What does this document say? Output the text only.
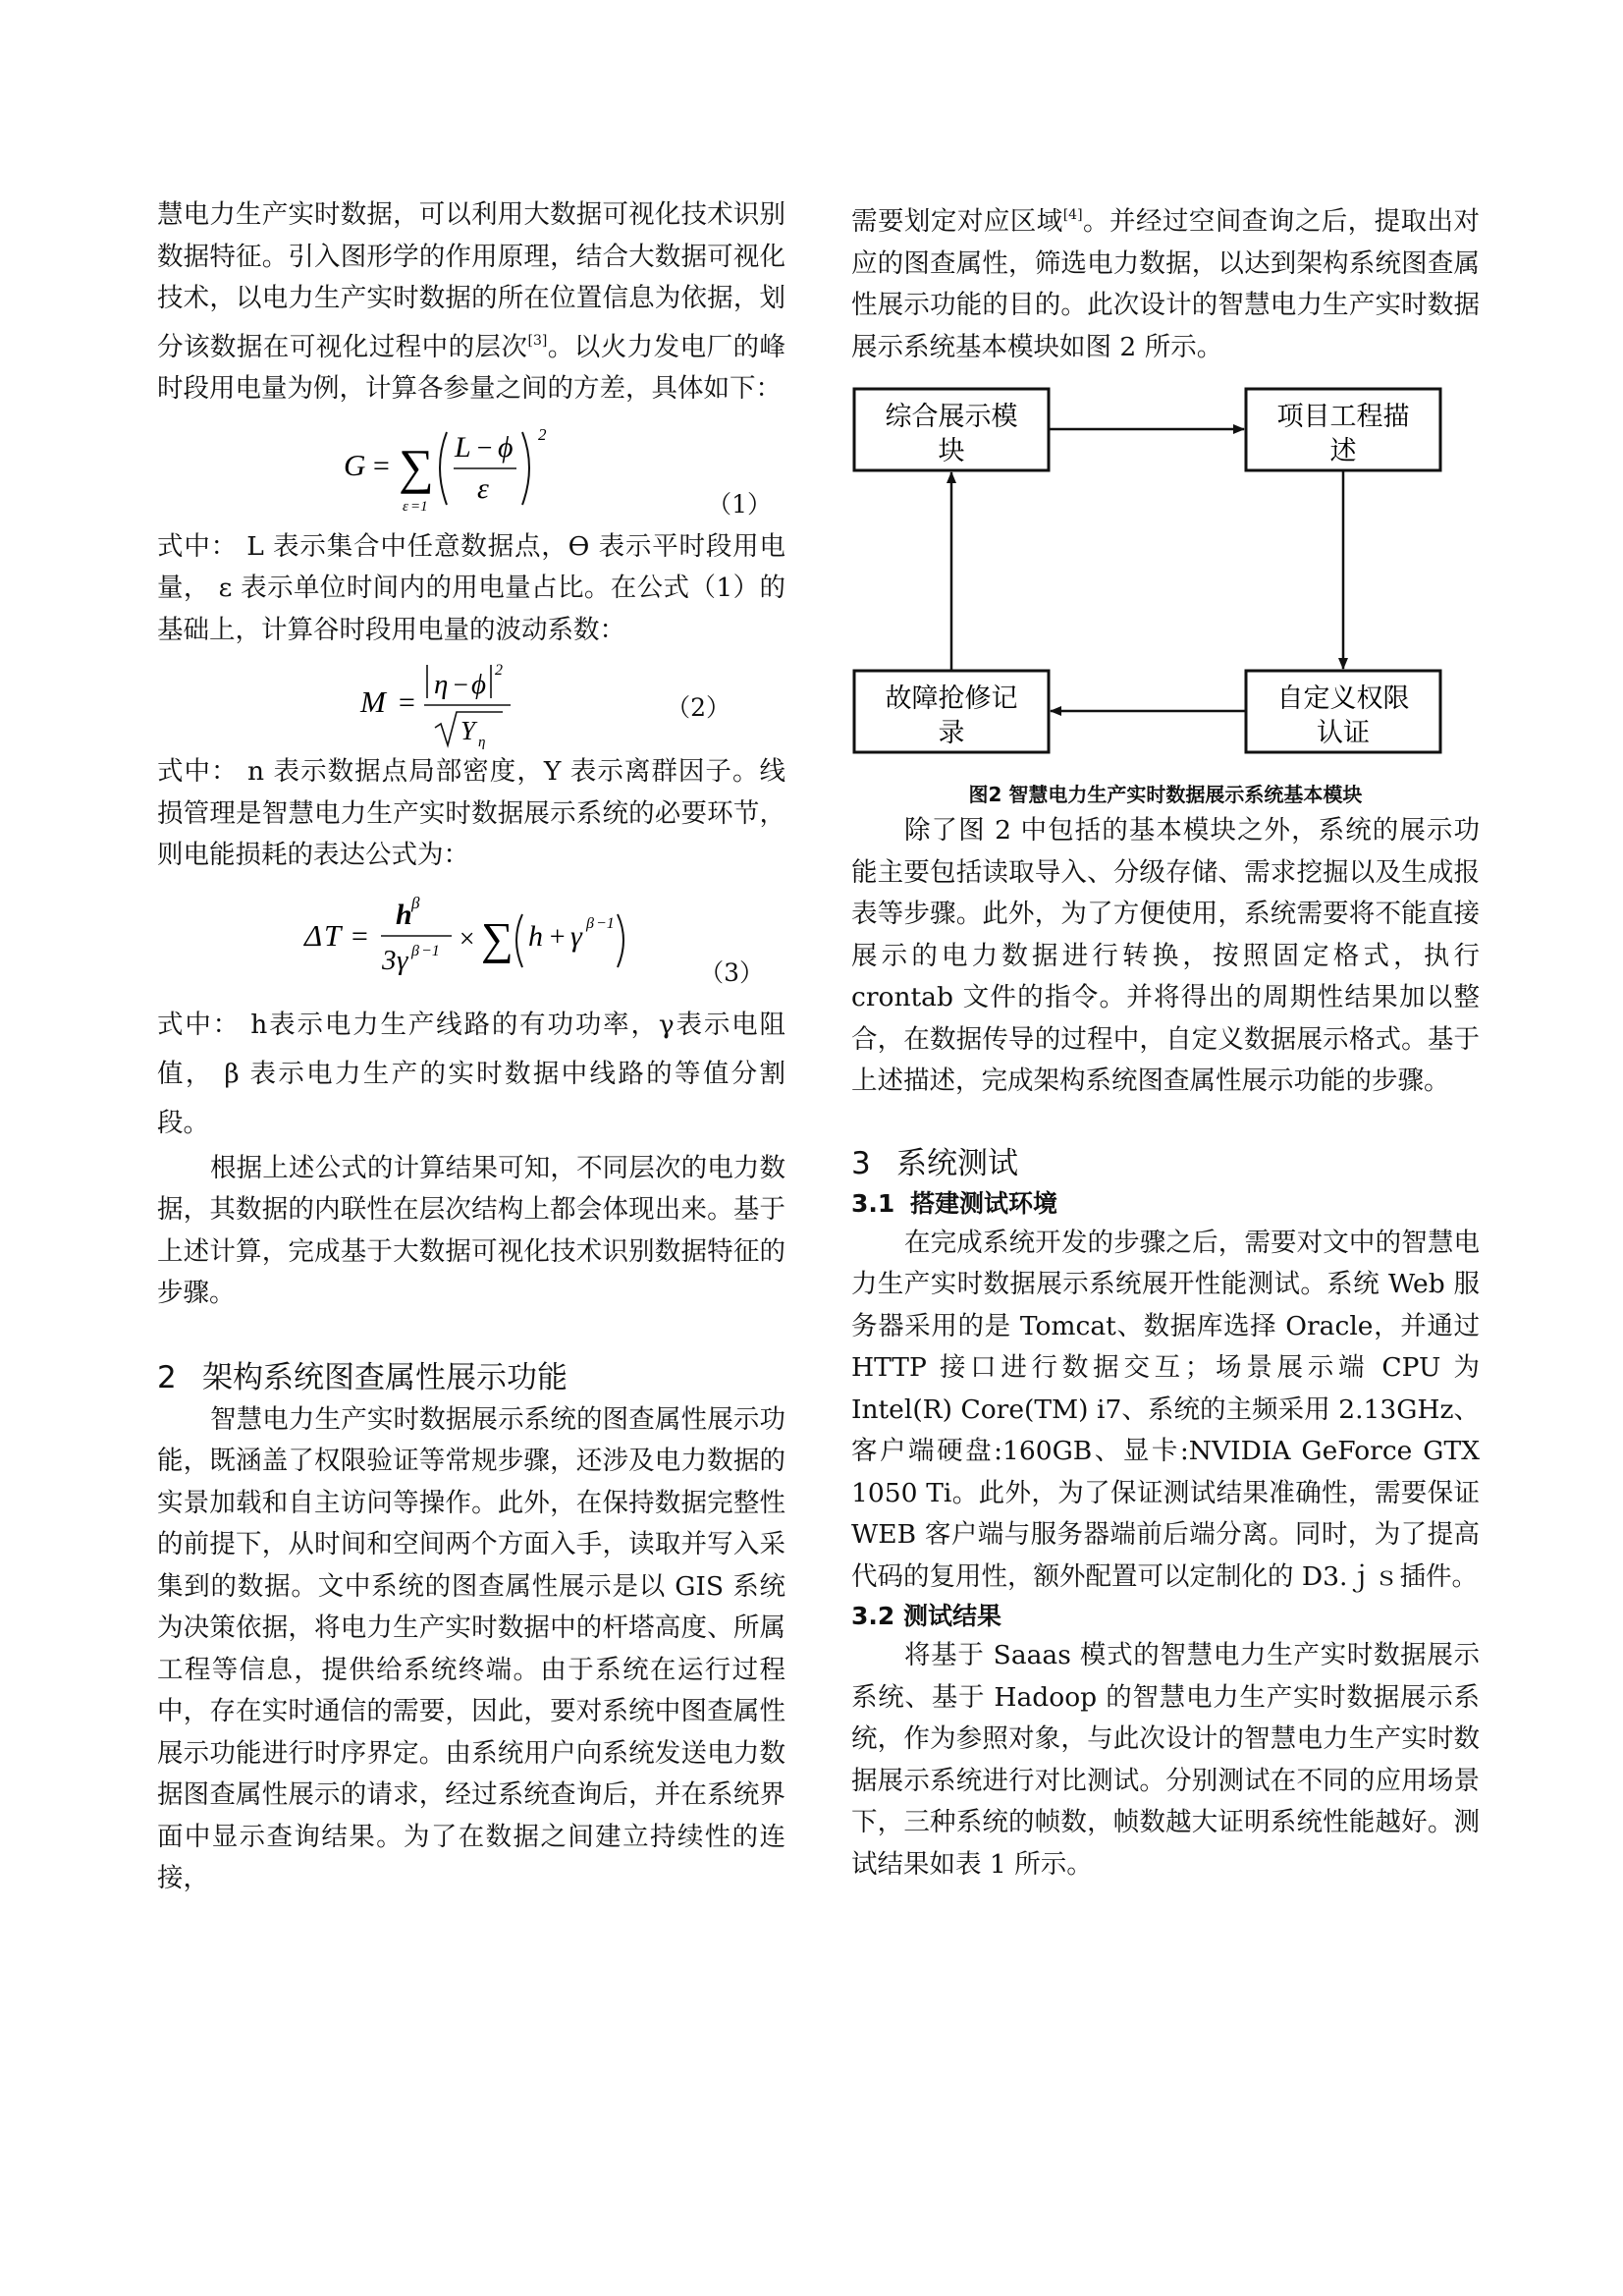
慧电力生产实时数据，可以利用大数据可视化技术识别数据特征。引入图形学的作用原理，结合大数据可视化技术，以电力生产实时数据的所在位置信息为依据，划分该数据在可视化过程中的层次[3]。以火力发电厂的峰时段用电量为例，计算各参量之间的方差，具体如下：

G = ∑
ε =1
L − ϕ
ε
2
（1）

式中： L 表示集合中任意数据点，ϴ 表示平时段用电量， ε 表示单位时间内的用电量占比。在公式（1）的基础上，计算谷时段用电量的波动系数：

M =
η − ϕ 2
Y η
（2）

式中： n 表示数据点局部密度，Y 表示离群因子。线损管理是智慧电力生产实时数据展示系统的必要环节，则电能损耗的表达公式为：

Δ T =
h β
3 γ β −1 × ∑ h + γ β −1
（3）

式中： h表示电力生产线路的有功功率，γ表示电阻值， β 表示电力生产的实时数据中线路的等值分割段。

根据上述公式的计算结果可知，不同层次的电力数据，其数据的内联性在层次结构上都会体现出来。基于上述计算，完成基于大数据可视化技术识别数据特征的步骤。

2 架构系统图查属性展示功能

智慧电力生产实时数据展示系统的图查属性展示功能，既涵盖了权限验证等常规步骤，还涉及电力数据的实景加载和自主访问等操作。此外，在保持数据完整性的前提下，从时间和空间两个方面入手，读取并写入采集到的数据。文中系统的图查属性展示是以 GIS 系统为决策依据，将电力生产实时数据中的杆塔高度、所属工程等信息，提供给系统终端。由于系统在运行过程中，存在实时通信的需要，因此，要对系统中图查属性展示功能进行时序界定。由系统用户向系统发送电力数据图查属性展示的请求，经过系统查询后，并在系统界面中显示查询结果。为了在数据之间建立持续性的连接，

需要划定对应区域[4]。并经过空间查询之后，提取出对应的图查属性，筛选电力数据，以达到架构系统图查属性展示功能的目的。此次设计的智慧电力生产实时数据展示系统基本模块如图 2 所示。

综合展示模
块
项目工程描
述
自定义权限
认证
故障抢修记
录

图2 智慧电力生产实时数据展示系统基本模块

除了图 2 中包括的基本模块之外，系统的展示功能主要包括读取导入、分级存储、需求挖掘以及生成报表等步骤。此外，为了方便使用，系统需要将不能直接展示的电力数据进行转换，按照固定格式，执行 crontab 文件的指令。并将得出的周期性结果加以整合，在数据传导的过程中，自定义数据展示格式。基于上述描述，完成架构系统图查属性展示功能的步骤。

3 系统测试

3.1 搭建测试环境

在完成系统开发的步骤之后，需要对文中的智慧电力生产实时数据展示系统展开性能测试。系统 Web 服务器采用的是 Tomcat、数据库选择 Oracle，并通过 HTTP 接口进行数据交互；场景展示端 CPU 为 Intel(R) Core(TM) i7、系统的主频采用 2.13GHz、客户端硬盘:160GB、显卡:NVIDIA GeForce GTX 1050 Ti。此外，为了保证测试结果准确性，需要保证 WEB 客户端与服务器端前后端分离。同时，为了提高代码的复用性，额外配置可以定制化的 D3.ｊｓ插件。

3.2 测试结果

将基于 Saaas 模式的智慧电力生产实时数据展示系统、基于 Hadoop 的智慧电力生产实时数据展示系统，作为参照对象，与此次设计的智慧电力生产实时数据展示系统进行对比测试。分别测试在不同的应用场景下，三种系统的帧数，帧数越大证明系统性能越好。测试结果如表 1 所示。
